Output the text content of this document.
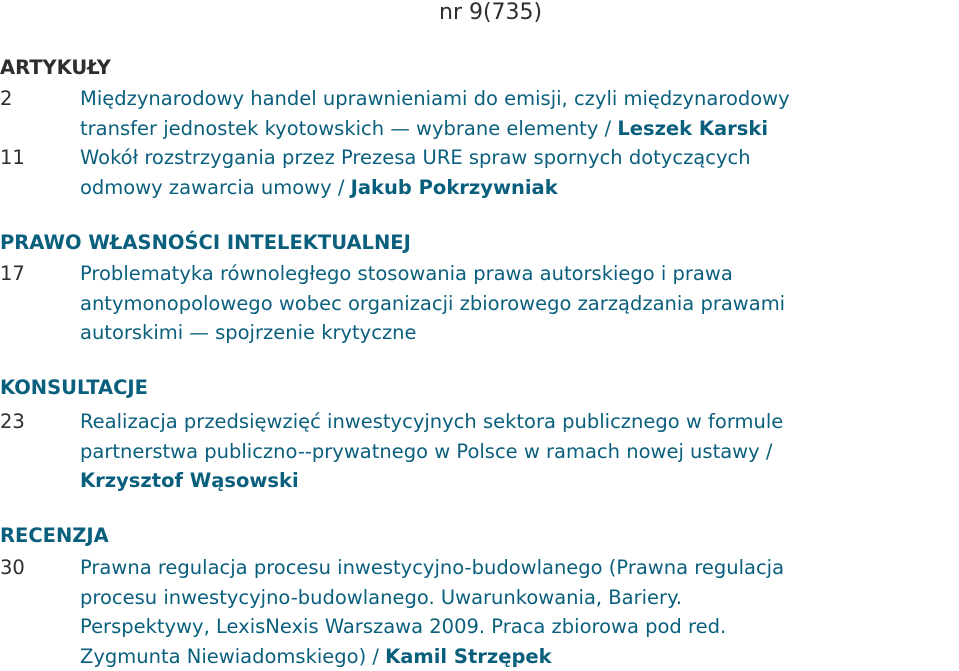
nr 9(735)
ARTYKUŁY
2	Międzynarodowy handel uprawnieniami do emisji, czyli międzynarodowy
transfer jednostek kyotowskich — wybrane elementy / Leszek Karski
11	Wokół rozstrzygania przez Prezesa URE spraw spornych dotyczących
odmowy zawarcia umowy / Jakub Pokrzywniak
PRAWO WŁASNOŚCI INTELEKTUALNEJ
17	Problematyka równoległego stosowania prawa autorskiego i prawa
antymonopolowego wobec organizacji zbiorowego zarządzania prawami
autorskimi — spojrzenie krytyczne
KONSULTACJE
23	Realizacja przedsięwzięć inwestycyjnych sektora publicznego w formule
partnerstwa publiczno--prywatnego w Polsce w ramach nowej ustawy /
Krzysztof Wąsowski
RECENZJA
30	Prawna regulacja procesu inwestycyjno-budowlanego (Prawna regulacja
procesu inwestycyjno-budowlanego. Uwarunkowania, Bariery.
Perspektywy, LexisNexis Warszawa 2009. Praca zbiorowa pod red.
Zygmunta Niewiadomskiego) / Kamil Strzępek
